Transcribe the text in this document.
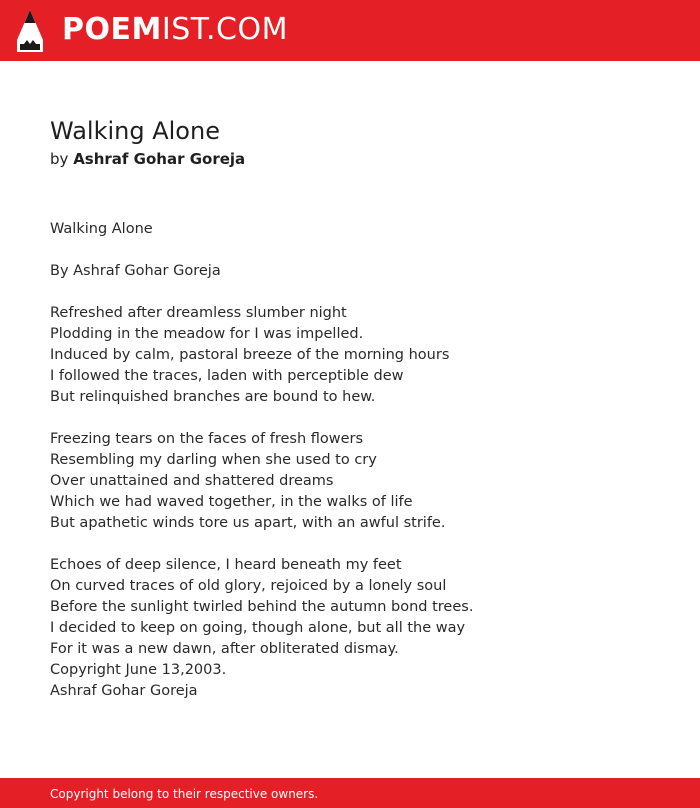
POEMIST.COM
Walking Alone
by Ashraf Gohar Goreja
Walking Alone
By Ashraf Gohar Goreja
Refreshed after dreamless slumber night
Plodding in the meadow for I was impelled.
Induced by calm, pastoral breeze of the morning hours
I followed the traces, laden with perceptible dew
But relinquished branches are bound to hew.
Freezing tears on the faces of fresh flowers
Resembling my darling when she used to cry
Over unattained and shattered dreams
Which we had waved together, in the walks of life
But apathetic winds tore us apart, with an awful strife.
Echoes of deep silence, I heard beneath my feet
On curved traces of old glory, rejoiced by a lonely soul
Before the sunlight twirled behind the autumn bond trees.
I decided to keep on going, though alone, but all the way
For it was a new dawn, after obliterated dismay.
Copyright June 13,2003.
Ashraf Gohar Goreja
Copyright belong to their respective owners.
